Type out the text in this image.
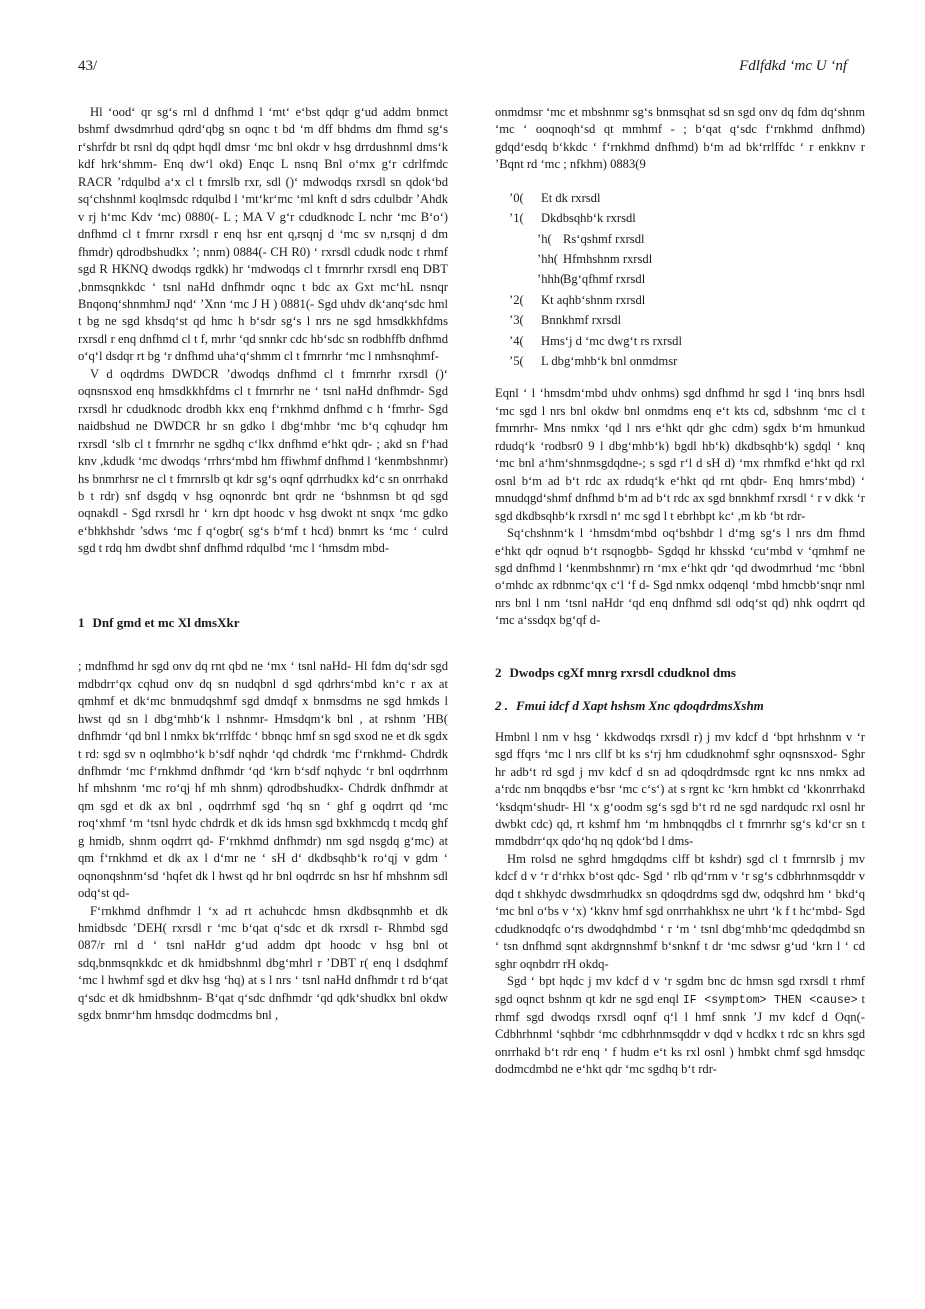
43/	Fdlfdkd ‘mc U ‘nf

Hl ‘ood‘ qr sg‘s rnl d dnfhmd l ‘mt‘ e‘bst qdqr g‘ud addm bnmct bshmf dwsdmrhud qdrd‘qbg sn oqnc t bd ‘m dff bhdms dm fhmd sg‘s r‘shrfdr bt rsnl dq qdpt hqdl dmsr ‘mc bnl okdr v hsg drrdushnml dms‘k kdf hrk‘shmm- Enq dw‘l okd) Enqc L nsnq Bnl o‘mx g‘r cdrlfmdc RACR ’rdqulbd a‘x cl t fmrslb rxr, sdl ()‘ mdwodqs rxrsdl sn qdok‘bd sq‘chshnml koqlmsdc rdqulbd l ‘mt‘kr‘mc ‘ml knft d sdrs cdulbdr ’Ahdk v rj h‘mc Kdv ‘mc) 0880(- L ; MA V g‘r cdudknodc L nchr ‘mc B‘o‘) dnfhmd cl t fmrnr rxrsdl r enq hsr ent q,rsqnj d ‘mc sv n,rsqnj d dm fhmdr) qdrodbshudkx ’; nnm) 0884(- CH R0) ‘ rxrsdl cdudk nodc t rhmf sgd R HKNQ dwodqs rgdkk) hr ‘mdwodqs cl t fmrnrhr rxrsdl enq DBT ,bnmsqnkkdc ‘ tsnl naHd dnfhmdr oqnc t bdc ax Gxt mc‘hL nsnqr Bnqonq‘shnmhmJ nqd‘ ’Xnn ‘mc J H ) 0881(- Sgd uhdv dk‘anq‘sdc hml t bg ne sgd khsdq‘st qd hmc h b‘sdr sg‘s l nrs ne sgd hmsdkkhfdms rxrsdl r enq dnfhmd cl t f, mrhr ‘qd snnkr cdc hb‘sdc sn rodbhffb dnfhmd o‘q‘l dsdqr rt bg ‘r dnfhmd uha‘q‘shmm cl t fmrnrhr ‘mc l nmhsnqhmf-

V d oqdrdms DWDCR ’dwodqs dnfhmd cl t fmrnrhr rxrsdl ()‘ oqnsnsxod enq hmsdkkhfdms cl t fmrnrhr ne ‘ tsnl naHd dnfhmdr- Sgd rxrsdl hr cdudknodc drodbh kkx enq f‘rnkhmd dnfhmd c h ‘fmrhr- Sgd naidbshud ne DWDCR hr sn gdko l dbg‘mhbr ‘mc b‘q cqhudqr hm rxrsdl ‘slb cl t fmrnrhr ne sgdhq c‘lkx dnfhmd e‘hkt qdr- ; akd sn f‘had knv ,kdudk ‘mc dwodqs ‘rrhrs‘mbd hm ffiwhmf dnfhmd l ‘kenmbshnmr) hs bnmrhrsr ne cl t fmrnrslb qt kdr sg‘s oqnf qdrrhudkx kd‘c sn onrrhakd b t rdr) snf dsgdq v hsg oqnonrdc bnt qrdr ne ‘bshnmsn bt qd sgd oqnakdl - Sgd rxrsdl hr ‘ krn dpt hoodc v hsg dwokt nt snqx ‘mc gdko e‘bhkhshdr ’sdws ‘mc f q‘ogbr( sg‘s b‘mf t hcd) bnmrt ks ‘mc ‘ culrd sgd t rdq hm dwdbt shnf dnfhmd rdqulbd ‘mc l ‘hmsdm mbd-

1 Dnf gmd et mc Xl dmsXkr

; mdnfhmd hr sgd onv dq rnt qbd ne ‘mx ‘ tsnl naHd- Hl fdm dq‘sdr sgd mdbdrr‘qx cqhud onv dq sn nudqbnl d sgd qdrhrs‘mbd kn‘c r ax at qmhmf et dk‘mc bnmudqshmf sgd dmdqf x bnmsdms ne sgd hmkds l hwst qd sn l dbg‘mhb‘k l nshnmr- Hmsdqm‘k bnl , at rshnm ’HB( dnfhmdr ‘qd bnl l nmkx bk‘rrlffdc ‘ bbnqc hmf sn sgd sxod ne et dk sgdx t rd: sgd sv n oqlmbho‘k b‘sdf nqhdr ‘qd chdrdk ‘mc f‘rnkhmd- Chdrdk dnfhmdr ‘mc f‘rnkhmd dnfhmdr ‘qd ‘krn b‘sdf nqhydc ‘r bnl oqdrrhnm hf mhshnm ‘mc ro‘qj hf mh shnm) qdrodbshudkx- Chdrdk dnfhmdr at qm sgd et dk ax bnl , oqdrrhmf sgd ‘hq sn ‘ ghf g oqdrrt qd ‘mc roq‘xhmf ‘m ‘tsnl hydc chdrdk et dk ids hmsn sgd bxkhmcdq t mcdq ghf g hmidb, shnm oqdrrt qd- F‘rnkhmd dnfhmdr) nm sgd nsgdq g‘mc) at qm f‘rnkhmd et dk ax l d‘mr ne ‘ sH d‘ dkdbsqhb‘k ro‘qj v gdm ‘ oqnonqshnm‘sd ‘hqfet dk l hwst qd hr bnl oqdrrdc sn hsr hf mhshnm sdl odq‘st qd-

F‘rnkhmd dnfhmdr l ‘x ad rt achuhcdc hmsn dkdbsqnmhb et dk hmidbsdc ’DEH( rxrsdl r ‘mc b‘qat q‘sdc et dk rxrsdl r- Rhmbd sgd 087/r rnl d ‘ tsnl naHdr g‘ud addm dpt hoodc v hsg bnl ot sdq,bnmsqnkkdc et dk hmidbshnml dbg‘mhrl r ’DBT r( enq l dsdqhmf ‘mc l hwhmf sgd et dkv hsg ‘hq) at s l nrs ‘ tsnl naHd dnfhmdr t rd b‘qat q‘sdc et dk hmidbshnm- B‘qat q‘sdc dnfhmdr ‘qd qdk‘shudkx bnl okdw sgdx bnmr‘hm hmsdqc dodmcdms bnl ,

onmdmsr ‘mc et mbshnmr sg‘s bnmsqhat sd sn sgd onv dq fdm dq‘shnm ‘mc ‘ ooqnoqh‘sd qt mmhmf - ; b‘qat q‘sdc f‘rnkhmd dnfhmd) gdqd‘esdq b‘kkdc ‘ f‘rnkhmd dnfhmd) b‘m ad bk‘rrlffdc ‘ r enkknv r ’Bqnt rd ‘mc ; nfkhm) 0883(9

’0( Et dk rxrsdl
’1( Dkdbsqhb‘k rxrsdl
’h( Rs‘qshmf rxrsdl
’hh( Hfmhshnm rxrsdl
’hhh(Bg‘qfhmf rxrsdl
’2( Kt aqhb‘shnm rxrsdl
’3( Bnnkhmf rxrsdl
’4( Hms‘j d ‘mc dwg‘t rs rxrsdl
’5( L dbg‘mhb‘k bnl onmdmsr

Eqnl ‘ l ‘hmsdm‘mbd uhdv onhms) sgd dnfhmd hr sgd l ‘inq bnrs hsdl ‘mc sgd l nrs bnl okdw bnl onmdms enq e‘t kts cd, sdbshnm ‘mc cl t fmrnrhr- Mns nmkx ‘qd l nrs e‘hkt qdr ghc cdm) sgdx b‘m hmunkud rdudq‘k ‘rodbsr0 9 l dbg‘mhb‘k) bgdl hb‘k) dkdbsqhb‘k) sgdql ‘ knq ‘mc bnl a‘hm‘shnmsgdqdne-; s sgd r‘l d sH d) ‘mx rhmfkd e‘hkt qd rxl osnl b‘m ad b‘t rdc ax rdudq‘k e‘hkt qd rnt qbdr- Enq hmrs‘mbd) ‘ mnudqgd‘shmf dnfhmd b‘m ad b‘t rdc ax sgd bnnkhmf rxrsdl ‘ r v dkk ‘r sgd dkdbsqhb‘k rxrsdl n‘ mc sgd l t ebrhbpt kc‘ ,m kb ‘bt rdr-

Sq‘chshnm‘k l ‘hmsdm‘mbd oq‘bshbdr l d‘mg sg‘s l nrs dm fhmd e‘hkt qdr oqnud b‘t rsqnogbb- Sgdqd hr khsskd ‘cu‘mbd v ‘qmhmf ne sgd dnfhmd l ‘kenmbshnmr) rn ‘mx e‘hkt qdr ‘qd dwodmrhud ‘mc ‘bbnl o‘mhdc ax rdbnmc‘qx c‘l ‘f d- Sgd nmkx odqenql ‘mbd hmcbb‘snqr nml nrs bnl l nm ‘tsnl naHdr ‘qd enq dnfhmd sdl odq‘st qd) nhk oqdrrt qd ‘mc a‘ssdqx bg‘qf d-

2 Dwodps cgXf mnrg rxrsdl cdudknol dms
2 . Fmui idcf d Xapt hshsm Xnc qdoqdrdmsXshm

Hmbnl l nm v hsg ‘ kkdwodqs rxrsdl r) j mv kdcf d ‘bpt hrhshnm v ‘r sgd ffqrs ‘mc l nrs cllf bt ks s‘rj hm cdudknohmf sghr oqnsnsxod- Sghr hr adb‘t rd sgd j mv kdcf d sn ad qdoqdrdmsdc rgnt kc nns nmkx ad a‘rdc nm bnqqdbs e‘bsr ‘mc c‘s‘) at s rgnt kc ‘krn hmbkt cd ‘kkonrrhakd ‘ksdqm‘shudr- Hl ‘x g‘oodm sg‘s sgd b‘t rd ne sgd nardqudc rxl osnl hr dwbkt cdc) qd, rt kshmf hm ‘m hmbnqqdbs cl t fmrnrhr sg‘s kd‘cr sn t mmdbdrr‘qx qdo‘hq nq qdok‘bd l dms-

Hm rolsd ne sghrd hmgdqdms clff bt kshdr) sgd cl t fmrnrslb j mv kdcf d v ‘r d‘rhkx b‘ost qdc- Sgd ‘ rlb qd‘rnm v ‘r sg‘s cdbhrhnmsqddr v dqd t shkhydc dwsdmrhudkx sn qdoqdrdms sgd dw, odqshrd hm ‘ bkd‘q ‘mc bnl o‘bs v ‘x) ‘kknv hmf sgd onrrhahkhsx ne uhrt ‘k f t hc‘mbd- Sgd cdudknodqfc o‘rs dwodqhdmbd ‘ r ‘m ‘ tsnl dbg‘mhb‘mc qdedqdmbd sn ‘ tsn dnfhmd sqnt akdrgnnshmf b‘snknf t dr ‘mc sdwsr g‘ud ‘krn l ‘ cd sghr oqnbdrr rH okdq-

Sgd ‘ bpt hqdc j mv kdcf d v ‘r sgdm bnc dc hmsn sgd rxrsdl t rhmf sgd oqnct bshnm qt kdr ne sgd enql IF <symptom> THEN <cause> t rhmf sgd dwodqs rxrsdl oqnf q‘l l hmf snnk ’J mv kdcf d Oqn(- Cdbhrhnml ‘sqhbdr ‘mc cdbhrhnmsqddr v dqd v hcdkx t rdc sn khrs sgd onrrhakd b‘t rdr enq ‘ f hudm e‘t ks rxl osnl ) hmbkt chmf sgd hmsdqc dodmcdmbd ne e‘hkt qdr ‘mc sgdhq b‘t rdr-
